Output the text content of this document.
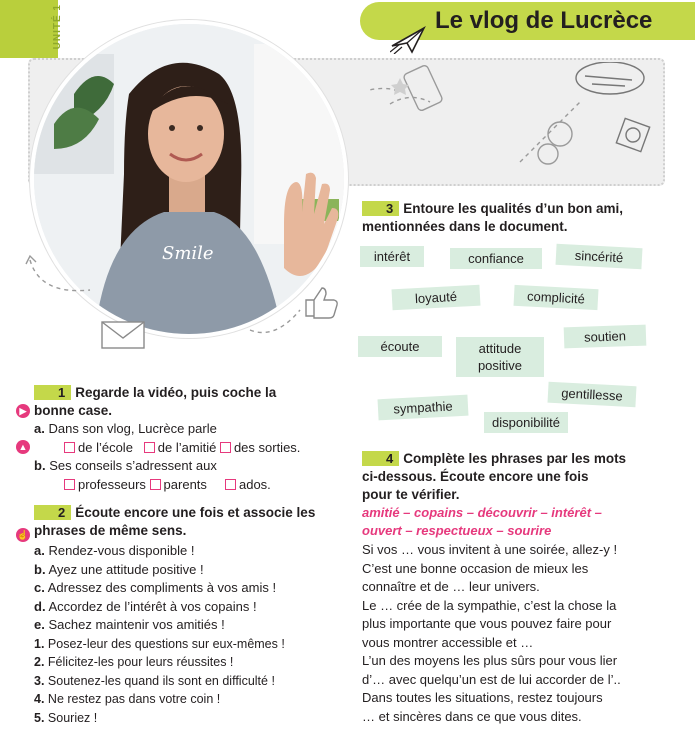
UNITÉ 1	Le vlog de Lucrèce
Smile
1 Regarde la vidéo, puis coche la
bonne case.
a. Dans son vlog, Lucrèce parle
de l’école de l’amitié des sorties.
b. Ses conseils s’adressent aux
professeurs parents ados.
▶
▲
2 Écoute encore une fois et associe les
phrases de même sens.
a. Rendez-vous disponible !
b. Ayez une attitude positive !
c. Adressez des compliments à vos amis !
d. Accordez de l’intérêt à vos copains !
e. Sachez maintenir vos amitiés !
1. Posez-leur des questions sur eux-mêmes !
2. Félicitez-les pour leurs réussites !
3. Soutenez-les quand ils sont en difficulté !
4. Ne restez pas dans votre coin !
5. Souriez !
☝
3 Entoure les qualités d’un bon ami,
mentionnées dans le document.
intérêt	confiance	sincérité
loyauté	complicité
écoute	attitude positive
soutien
gentillesse
sympathie
disponibilité
4 Complète les phrases par les mots
ci-dessous. Écoute encore une fois
pour te vérifier.
amitié – copains – découvrir – intérêt –
ouvert – respectueux – sourire
Si vos … vous invitent à une soirée, allez-y !
C’est une bonne occasion de mieux les
connaître et de … leur univers.
Le … crée de la sympathie, c’est la chose la
plus importante que vous pouvez faire pour
vous montrer accessible et …
L’un des moyens les plus sûrs pour vous lier
d’… avec quelqu’un est de lui accorder de l’..
Dans toutes les situations, restez toujours
… et sincères dans ce que vous dites.
